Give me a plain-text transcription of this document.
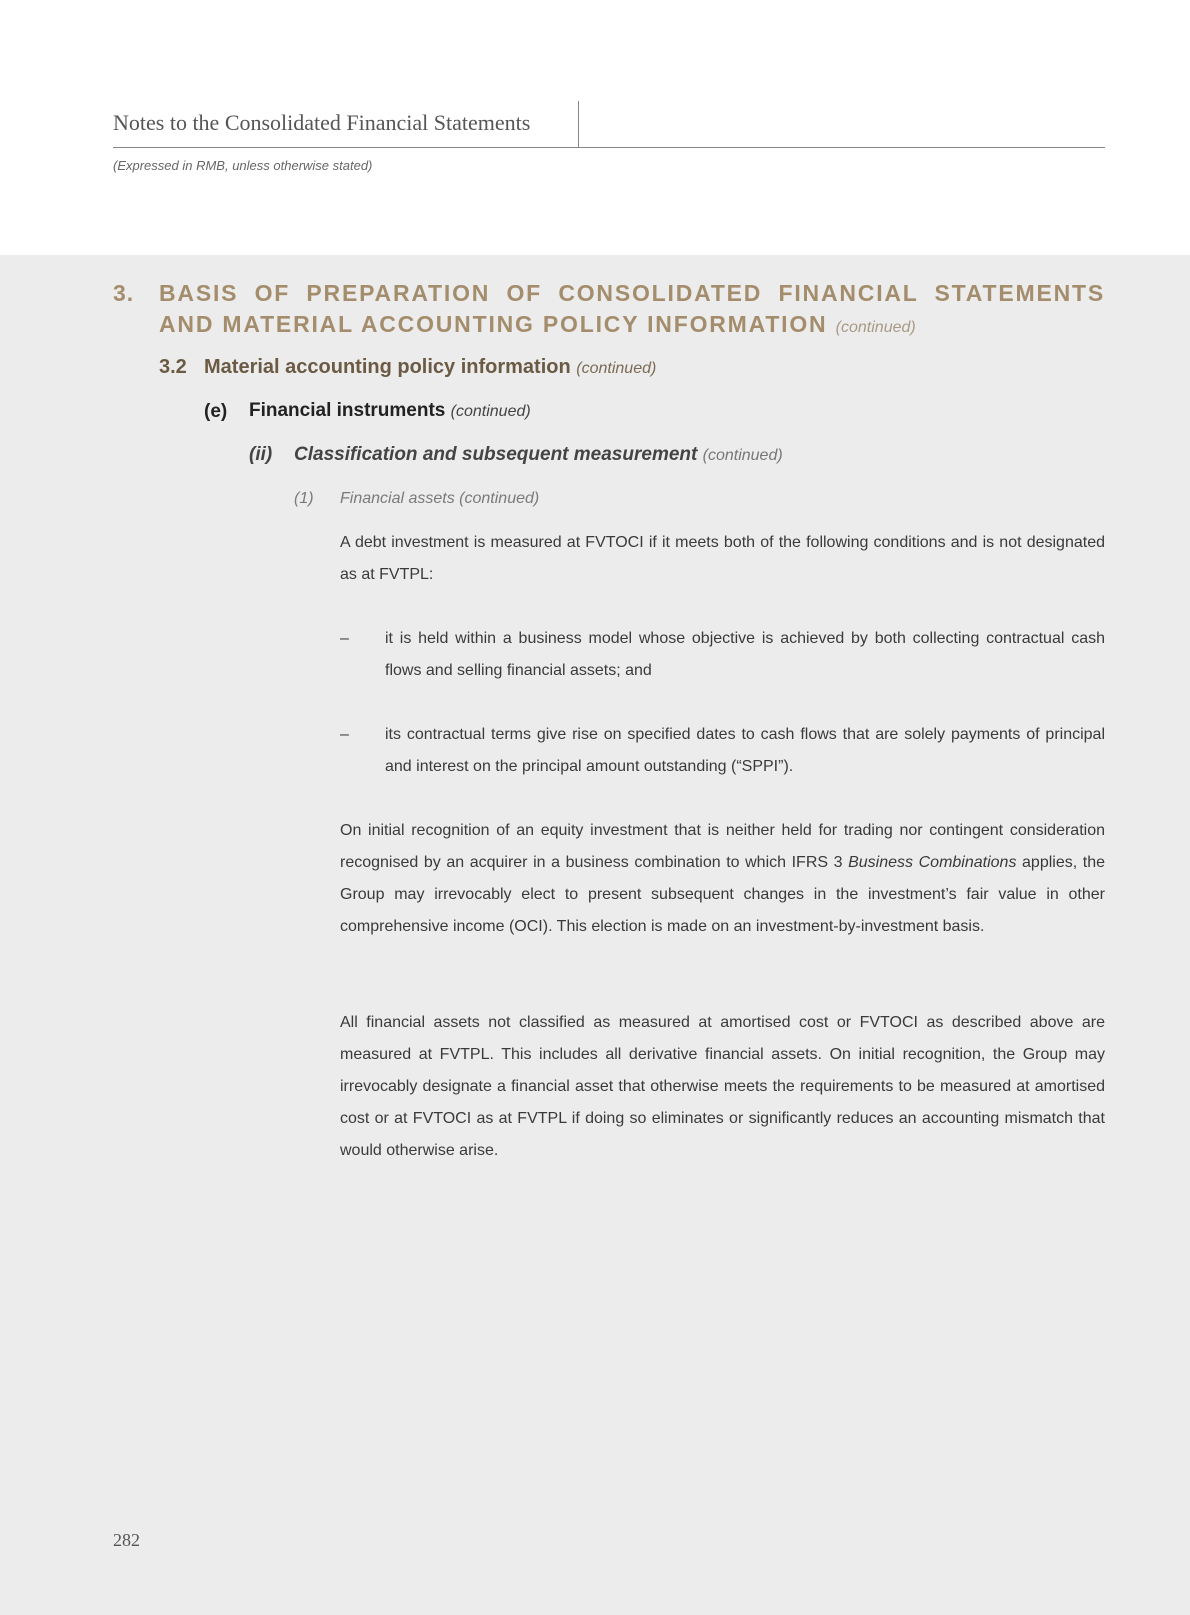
Notes to the Consolidated Financial Statements
(Expressed in RMB, unless otherwise stated)
3. BASIS OF PREPARATION OF CONSOLIDATED FINANCIAL STATEMENTS AND MATERIAL ACCOUNTING POLICY INFORMATION (continued)
3.2 Material accounting policy information (continued)
(e) Financial instruments (continued)
(ii) Classification and subsequent measurement (continued)
(1) Financial assets (continued)

A debt investment is measured at FVTOCI if it meets both of the following conditions and is not designated as at FVTPL:

– it is held within a business model whose objective is achieved by both collecting contractual cash flows and selling financial assets; and

– its contractual terms give rise on specified dates to cash flows that are solely payments of principal and interest on the principal amount outstanding (“SPPI”).

On initial recognition of an equity investment that is neither held for trading nor contingent consideration recognised by an acquirer in a business combination to which IFRS 3 Business Combinations applies, the Group may irrevocably elect to present subsequent changes in the investment’s fair value in other comprehensive income (OCI). This election is made on an investment-by-investment basis.

All financial assets not classified as measured at amortised cost or FVTOCI as described above are measured at FVTPL. This includes all derivative financial assets. On initial recognition, the Group may irrevocably designate a financial asset that otherwise meets the requirements to be measured at amortised cost or at FVTOCI as at FVTPL if doing so eliminates or significantly reduces an accounting mismatch that would otherwise arise.

282
